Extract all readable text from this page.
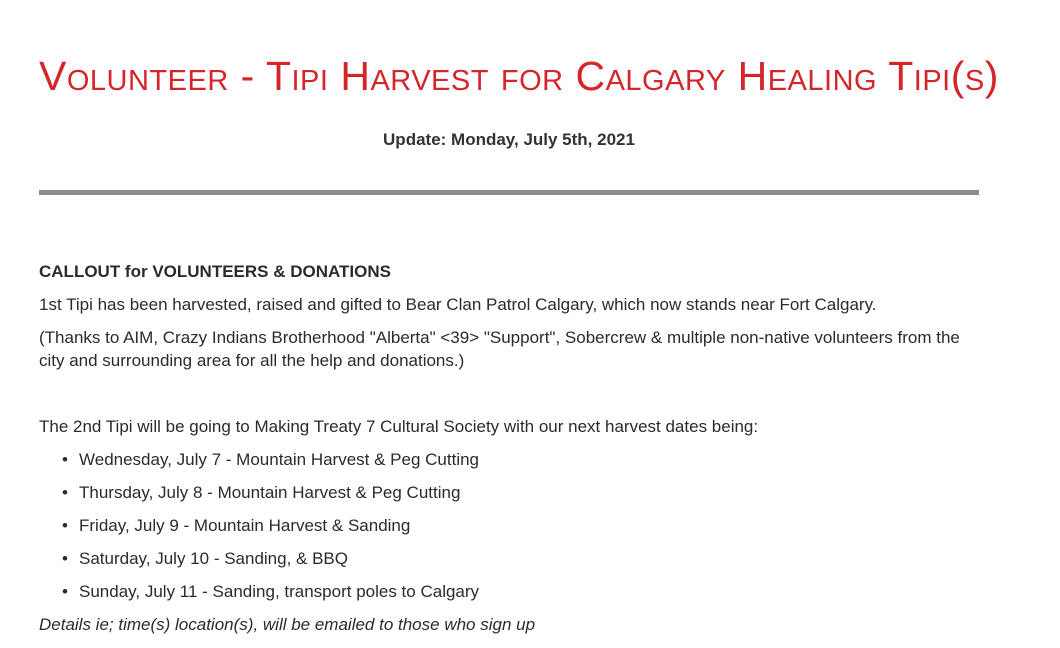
Volunteer - Tipi Harvest for Calgary Healing Tipi(s)
Update: Monday, July 5th, 2021

CALLOUT for VOLUNTEERS & DONATIONS

1st Tipi has been harvested, raised and gifted to Bear Clan Patrol Calgary, which now stands near Fort Calgary.

(Thanks to AIM, Crazy Indians Brotherhood "Alberta" <39> "Support", Sobercrew & multiple non-native volunteers from the city and surrounding area for all the help and donations.)

The 2nd Tipi will be going to Making Treaty 7 Cultural Society with our next harvest dates being:

• Wednesday, July 7 - Mountain Harvest & Peg Cutting
• Thursday, July 8 - Mountain Harvest & Peg Cutting
• Friday, July 9 - Mountain Harvest & Sanding
• Saturday, July 10 - Sanding, & BBQ
• Sunday, July 11 - Sanding, transport poles to Calgary

Details ie; time(s) location(s), will be emailed to those who sign up
